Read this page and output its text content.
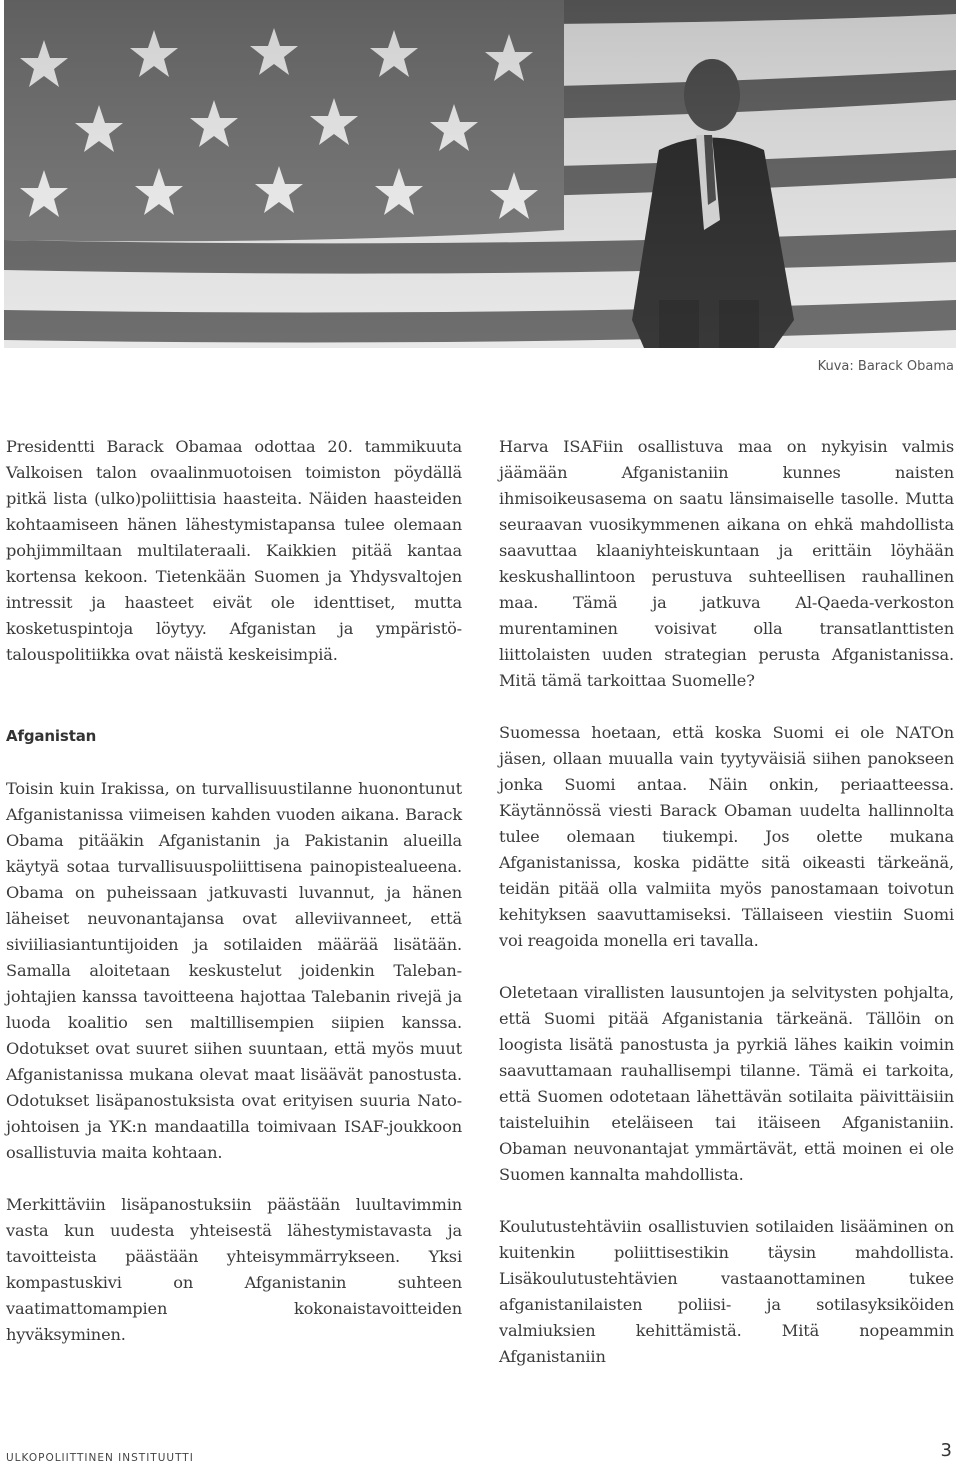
Kuva: Barack Obama

Presidentti Barack Obamaa odottaa 20. tammikuuta Valkoisen talon ovaalinmuotoisen toimiston pöydällä pitkä lista (ulko)poliittisia haasteita. Näiden haasteiden kohtaamiseen hänen lähestymistapansa tulee olemaan pohjimmiltaan multilateraali. Kaikkien pitää kantaa kortensa kekoon. Tietenkään Suomen ja Yhdysvaltojen intressit ja haasteet eivät ole identtiset, mutta kosketuspintoja löytyy. Afganistan ja ympäristö-talouspolitiikka ovat näistä keskeisimpiä.

Afganistan

Toisin kuin Irakissa, on turvallisuustilanne huonontunut Afganistanissa viimeisen kahden vuoden aikana. Barack Obama pitääkin Afganistanin ja Pakistanin alueilla käytyä sotaa turvallisuuspoliittisena painopistealueena. Obama on puheissaan jatkuvasti luvannut, ja hänen läheiset neuvonantajansa ovat alleviivanneet, että siviiliasiantuntijoiden ja sotilaiden määrää lisätään. Samalla aloitetaan keskustelut joidenkin Taleban-johtajien kanssa tavoitteena hajottaa Talebanin rivejä ja luoda koalitio sen maltillisempien siipien kanssa. Odotukset ovat suuret siihen suuntaan, että myös muut Afganistanissa mukana olevat maat lisäävät panostusta. Odotukset lisäpanostuksista ovat erityisen suuria Nato-johtoisen ja YK:n mandaatilla toimivaan ISAF-joukkoon osallistuvia maita kohtaan.

Merkittäviin lisäpanostuksiin päästään luultavimmin vasta kun uudesta yhteisestä lähestymistavasta ja tavoitteista päästään yhteisymmärrykseen. Yksi kompastuskivi on Afganistanin suhteen vaatimattomampien kokonaistavoitteiden hyväksyminen.

Harva ISAFiin osallistuva maa on nykyisin valmis jäämään Afganistaniin kunnes naisten ihmisoikeusasema on saatu länsimaiselle tasolle. Mutta seuraavan vuosikymmenen aikana on ehkä mahdollista saavuttaa klaaniyhteiskuntaan ja erittäin löyhään keskushallintoon perustuva suhteellisen rauhallinen maa. Tämä ja jatkuva Al-Qaeda-verkoston murentaminen voisivat olla transatlanttisten liittolaisten uuden strategian perusta Afganistanissa. Mitä tämä tarkoittaa Suomelle?

Suomessa hoetaan, että koska Suomi ei ole NATOn jäsen, ollaan muualla vain tyytyväisiä siihen panokseen jonka Suomi antaa. Näin onkin, periaatteessa. Käytännössä viesti Barack Obaman uudelta hallinnolta tulee olemaan tiukempi. Jos olette mukana Afganistanissa, koska pidätte sitä oikeasti tärkeänä, teidän pitää olla valmiita myös panostamaan toivotun kehityksen saavuttamiseksi. Tällaiseen viestiin Suomi voi reagoida monella eri tavalla.

Oletetaan virallisten lausuntojen ja selvitysten pohjalta, että Suomi pitää Afganistania tärkeänä. Tällöin on loogista lisätä panostusta ja pyrkiä lähes kaikin voimin saavuttamaan rauhallisempi tilanne. Tämä ei tarkoita, että Suomen odotetaan lähettävän sotilaita päivittäisiin taisteluihin eteläiseen tai itäiseen Afganistaniin. Obaman neuvonantajat ymmärtävät, että moinen ei ole Suomen kannalta mahdollista.

Koulutustehtäviin osallistuvien sotilaiden lisääminen on kuitenkin poliittisestikin täysin mahdollista. Lisäkoulutustehtävien vastaanottaminen tukee afganistanilaisten poliisi- ja sotilasyksiköiden valmiuksien kehittämistä. Mitä nopeammin Afganistaniin

ULKOPOLIITTINEN INSTITUUTTI	3
